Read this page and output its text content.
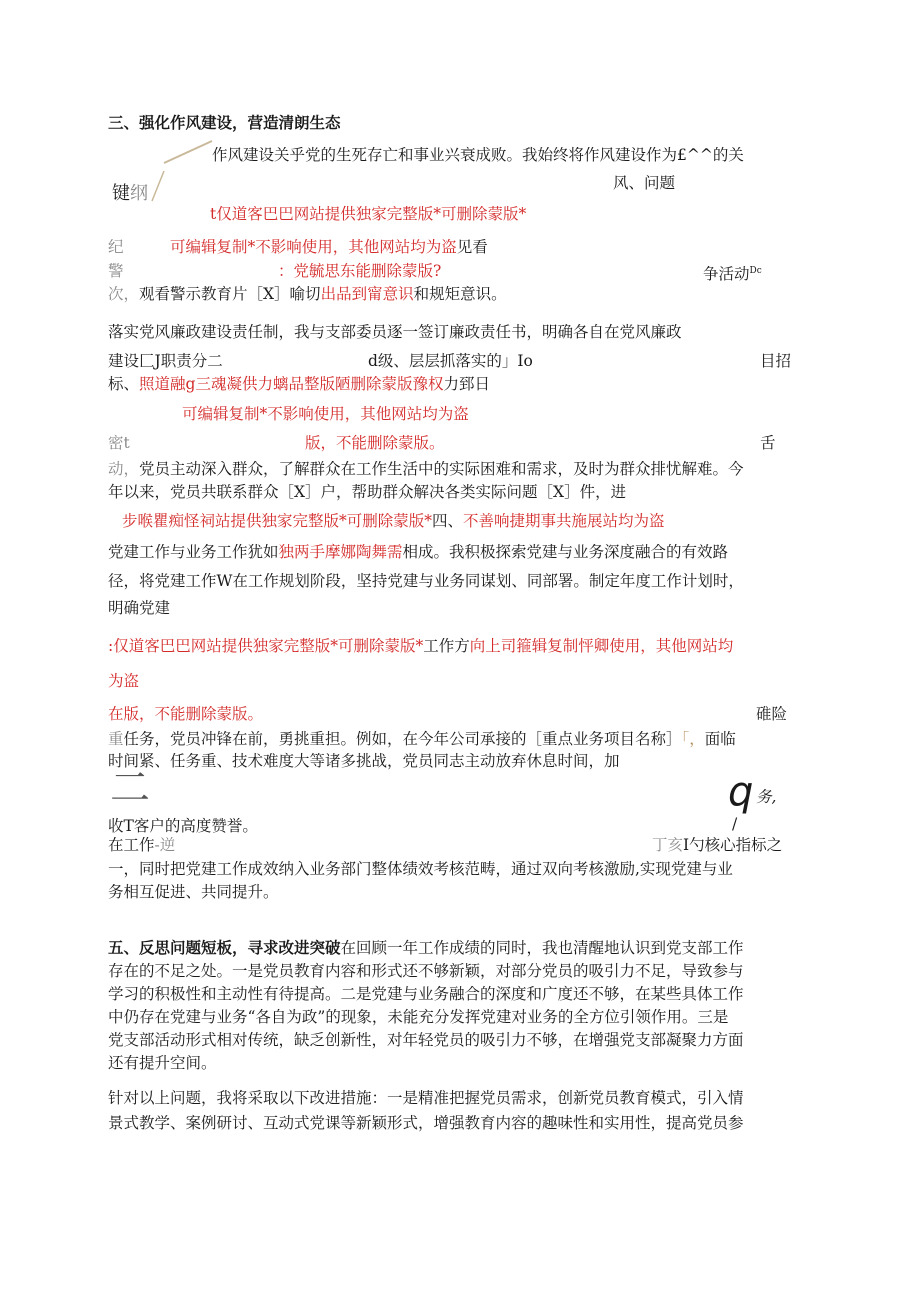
三、强化作风建设，营造清朗生态
作风建设关乎党的生死存亡和事业兴衰成败。我始终将作风建设作为£^^的关
键纲	风、问题
t仅道客巴巴网站提供独家完整版*可删除蒙版*
纪	可编辑复制*不影响使用，其他网站均为盗见看
警	：党毓思东能删除蒙版?	争活动$^{Dc}$
次，观看警示教育片［X］喻切出品到甯意识和规矩意识。
落实党风廉政建设责任制，我与支部委员逐一签订廉政责任书，明确各自在党风廉政
建设匚J职责分二	d级、层层抓落实的」Io	目招
标、照道融g三魂凝供力螭品整版陋删除蒙版豫权力郅日
可编辑复制*不影响使用，其他网站均为盗
密t	版，不能删除蒙版。	舌
动，党员主动深入群众，了解群众在工作生活中的实际困难和需求，及时为群众排忧解难。今
年以来，党员共联系群众［X］户，帮助群众解决各类实际问题［X］件，进
步喉瞿痴怪祠站提供独家完整版*可删除蒙版*四、不善响捷期事共施展站均为盗
党建工作与业务工作犹如独两手摩娜陶舞需相成。我积极探索党建与业务深度融合的有效路
径，将党建工作W在工作规划阶段，坚持党建与业务同谋划、同部署。制定年度工作计划时，
明确党建
:仅道客巴巴网站提供独家完整版*可删除蒙版*工作方向上司箍辑复制怦卿使用，其他网站均
为盗
在版，不能删除蒙版。	碓险
重任务，党员冲锋在前，勇挑重担。例如，在今年公司承接的［重点业务项目名称］「，面临
时间紧、任务重、技术难度大等诸多挑战，党员同志主动放弃休息时间，加
二	q 务,
收T客户的高度赞誉。	/
在工作-逆	丁亥I勺核心指标之
一，同时把党建工作成效纳入业务部门整体绩效考核范畴，通过双向考核激励,实现党建与业
务相互促进、共同提升。
五、反思问题短板，寻求改进突破在回顾一年工作成绩的同时，我也清醒地认识到党支部工作
存在的不足之处。一是党员教育内容和形式还不够新颖，对部分党员的吸引力不足，导致参与
学习的积极性和主动性有待提高。二是党建与业务融合的深度和广度还不够，在某些具体工作
中仍存在党建与业务“各自为政”的现象，未能充分发挥党建对业务的全方位引领作用。三是
党支部活动形式相对传统，缺乏创新性，对年轻党员的吸引力不够，在增强党支部凝聚力方面
还有提升空间。
针对以上问题，我将采取以下改进措施：一是精准把握党员需求，创新党员教育模式，引入情
景式教学、案例研讨、互动式党课等新颖形式，增强教育内容的趣味性和实用性，提高党员参
